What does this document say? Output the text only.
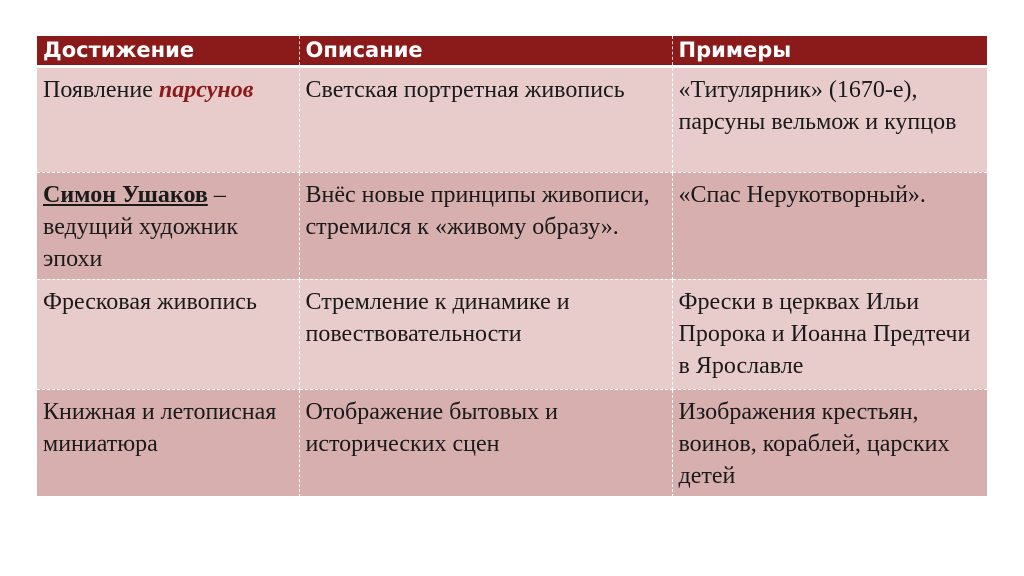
Достижение	Описание	Примеры
Появление парсунов	Светская портретная живопись	«Титулярник» (1670-е), парсуны вельмож и купцов
Симон Ушаков – ведущий художник эпохи	Внёс новые принципы живописи, стремился к «живому образу».	«Спас Нерукотворный».
Фресковая живопись	Стремление к динамике и повествовательности	Фрески в церквах Ильи Пророка и Иоанна Предтечи в Ярославле
Книжная и летописная миниатюра	Отображение бытовых и исторических сцен	Изображения крестьян, воинов, кораблей, царских детей
